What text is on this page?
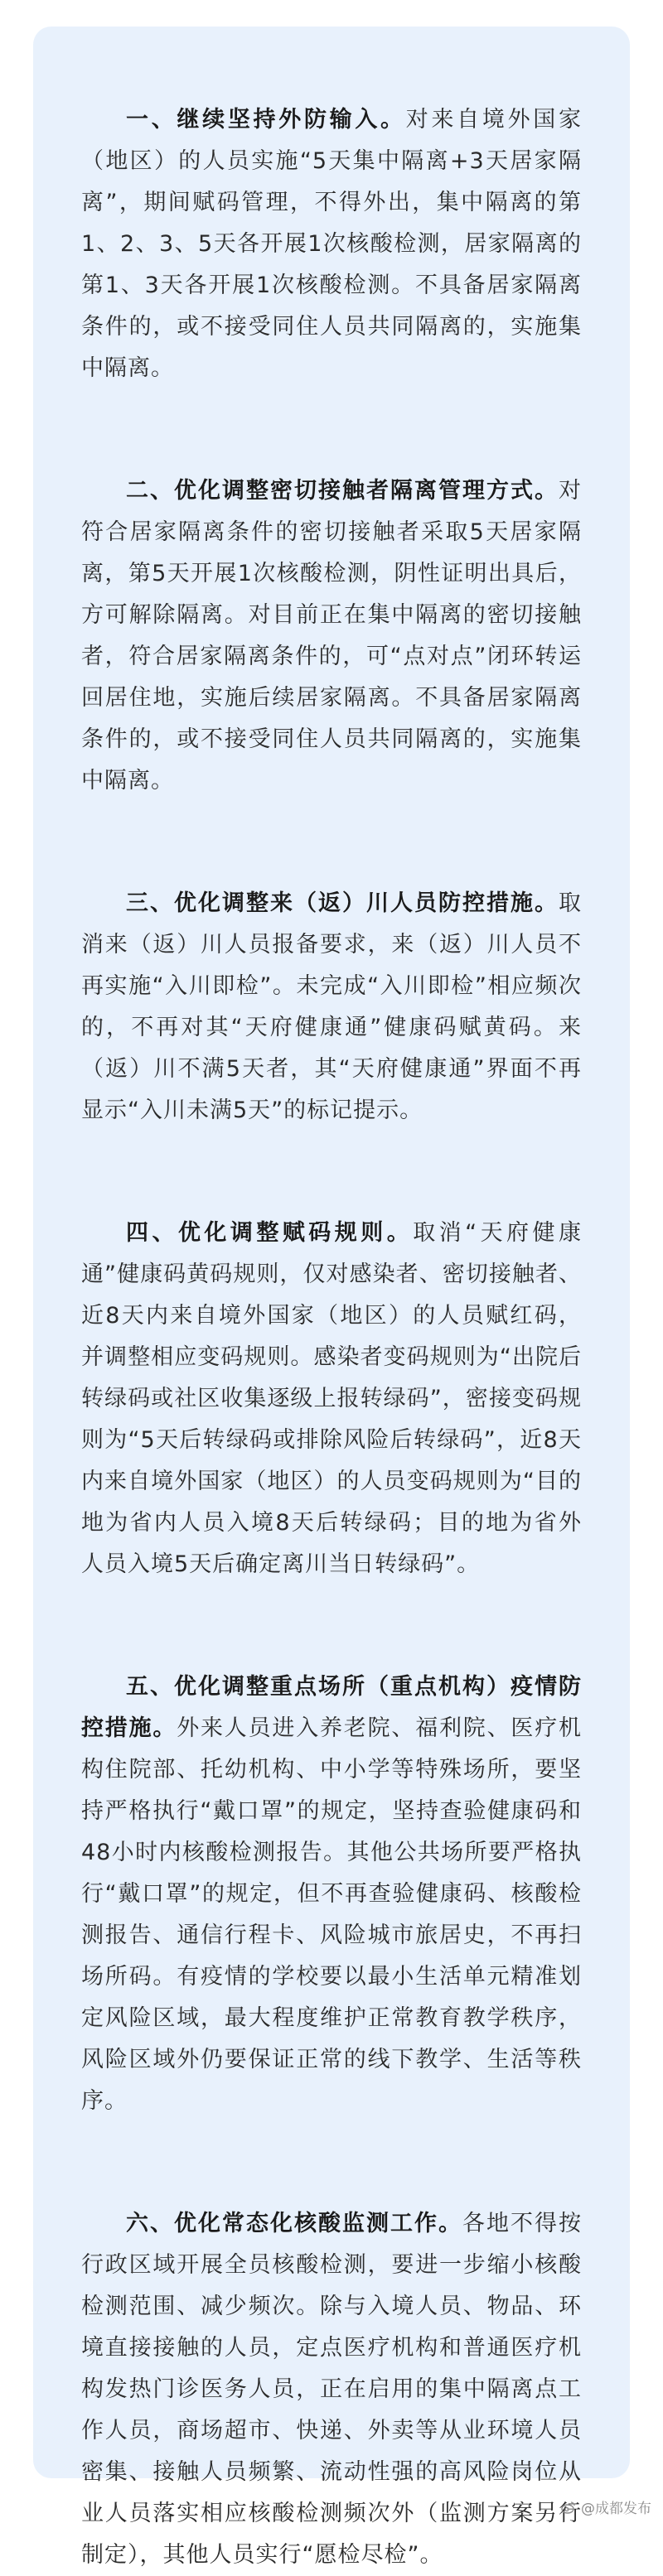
一、继续坚持外防输入。对来自境外国家（地区）的人员实施“5天集中隔离+3天居家隔离”，期间赋码管理，不得外出，集中隔离的第1、2、3、5天各开展1次核酸检测，居家隔离的第1、3天各开展1次核酸检测。不具备居家隔离条件的，或不接受同住人员共同隔离的，实施集中隔离。

二、优化调整密切接触者隔离管理方式。对符合居家隔离条件的密切接触者采取5天居家隔离，第5天开展1次核酸检测，阴性证明出具后，方可解除隔离。对目前正在集中隔离的密切接触者，符合居家隔离条件的，可“点对点”闭环转运回居住地，实施后续居家隔离。不具备居家隔离条件的，或不接受同住人员共同隔离的，实施集中隔离。

三、优化调整来（返）川人员防控措施。取消来（返）川人员报备要求，来（返）川人员不再实施“入川即检”。未完成“入川即检”相应频次的，不再对其“天府健康通”健康码赋黄码。来（返）川不满5天者，其“天府健康通”界面不再显示“入川未满5天”的标记提示。

四、优化调整赋码规则。取消“天府健康通”健康码黄码规则，仅对感染者、密切接触者、近8天内来自境外国家（地区）的人员赋红码，并调整相应变码规则。感染者变码规则为“出院后转绿码或社区收集逐级上报转绿码”，密接变码规则为“5天后转绿码或排除风险后转绿码”，近8天内来自境外国家（地区）的人员变码规则为“目的地为省内人员入境8天后转绿码；目的地为省外人员入境5天后确定离川当日转绿码”。

五、优化调整重点场所（重点机构）疫情防控措施。外来人员进入养老院、福利院、医疗机构住院部、托幼机构、中小学等特殊场所，要坚持严格执行“戴口罩”的规定，坚持查验健康码和48小时内核酸检测报告。其他公共场所要严格执行“戴口罩”的规定，但不再查验健康码、核酸检测报告、通信行程卡、风险城市旅居史，不再扫场所码。有疫情的学校要以最小生活单元精准划定风险区域，最大程度维护正常教育教学秩序，风险区域外仍要保证正常的线下教学、生活等秩序。

六、优化常态化核酸监测工作。各地不得按行政区域开展全员核酸检测，要进一步缩小核酸检测范围、减少频次。除与入境人员、物品、环境直接接触的人员，定点医疗机构和普通医疗机构发热门诊医务人员，正在启用的集中隔离点工作人员，商场超市、快递、外卖等从业环境人员密集、接触人员频繁、流动性强的高风险岗位从业人员落实相应核酸检测频次外（监测方案另行制定），其他人员实行“愿检尽检”。

@成都发布
